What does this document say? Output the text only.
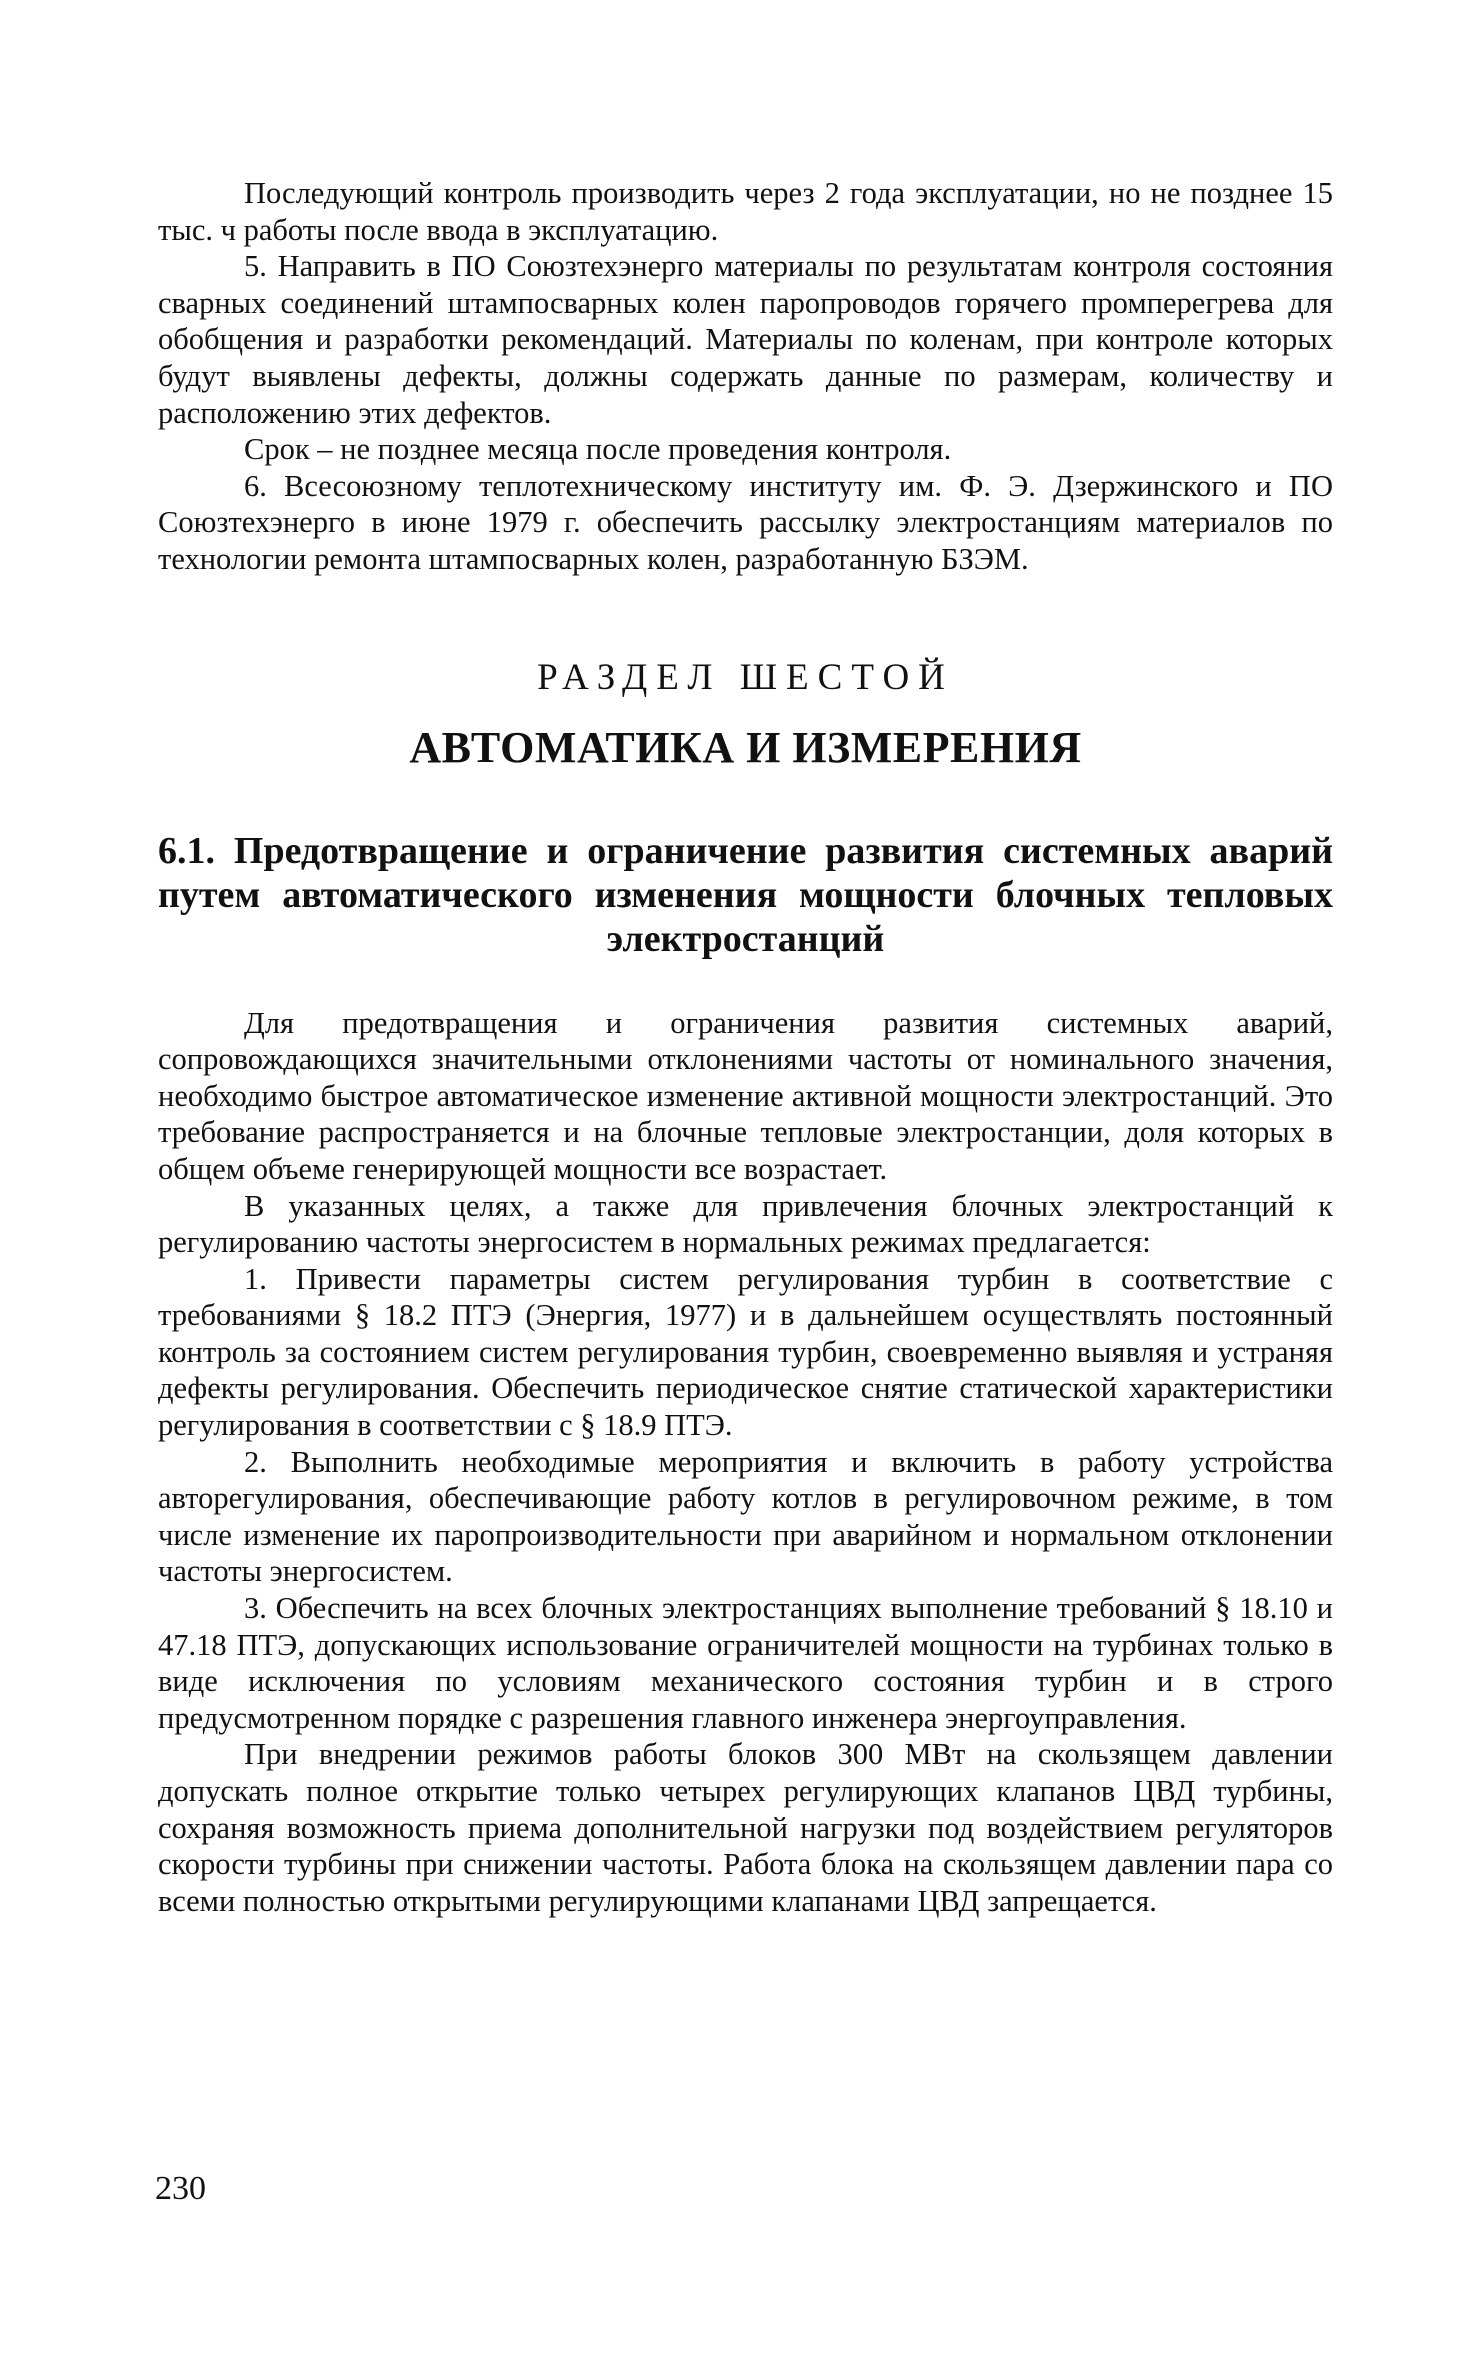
Последующий контроль производить через 2 года эксплуатации, но не позднее 15 тыс. ч работы после ввода в эксплуатацию.

5. Направить в ПО Союзтехэнерго материалы по результатам контроля состояния сварных соединений штампосварных колен паропроводов горячего промперегрева для обобщения и разработки рекомендаций. Материалы по коленам, при контроле которых будут выявлены дефекты, должны содержать данные по размерам, количеству и расположению этих дефектов.

Срок – не позднее месяца после проведения контроля.

6. Всесоюзному теплотехническому институту им. Ф. Э. Дзержинского и ПО Союзтехэнерго в июне 1979 г. обеспечить рассылку электростанциям материалов по технологии ремонта штампосварных колен, разработанную БЗЭМ.

РАЗДЕЛ ШЕСТОЙ
АВТОМАТИКА И ИЗМЕРЕНИЯ
6.1. Предотвращение и ограничение развития системных аварий путем автоматического изменения мощности блочных тепловых электростанций

Для предотвращения и ограничения развития системных аварий, сопровождающихся значительными отклонениями частоты от номинального значения, необходимо быстрое автоматическое изменение активной мощности электростанций. Это требование распространяется и на блочные тепловые электростанции, доля которых в общем объеме генерирующей мощности все возрастает.

В указанных целях, а также для привлечения блочных электростанций к регулированию частоты энергосистем в нормальных режимах предлагается:

1. Привести параметры систем регулирования турбин в соответствие с требованиями § 18.2 ПТЭ (Энергия, 1977) и в дальнейшем осуществлять постоянный контроль за состоянием систем регулирования турбин, своевременно выявляя и устраняя дефекты регулирования. Обеспечить периодическое снятие статической характеристики регулирования в соответствии с § 18.9 ПТЭ.

2. Выполнить необходимые мероприятия и включить в работу устройства авторегулирования, обеспечивающие работу котлов в регулировочном режиме, в том числе изменение их паропроизводительности при аварийном и нормальном отклонении частоты энергосистем.

3. Обеспечить на всех блочных электростанциях выполнение требований § 18.10 и 47.18 ПТЭ, допускающих использование ограничителей мощности на турбинах только в виде исключения по условиям механического состояния турбин и в строго предусмотренном порядке с разрешения главного инженера энергоуправления.

При внедрении режимов работы блоков 300 МВт на скользящем давлении допускать полное открытие только четырех регулирующих клапанов ЦВД турбины, сохраняя возможность приема дополнительной нагрузки под воздействием регуляторов скорости турбины при снижении частоты. Работа блока на скользящем давлении пара со всеми полностью открытыми регулирующими клапанами ЦВД запрещается.

230
